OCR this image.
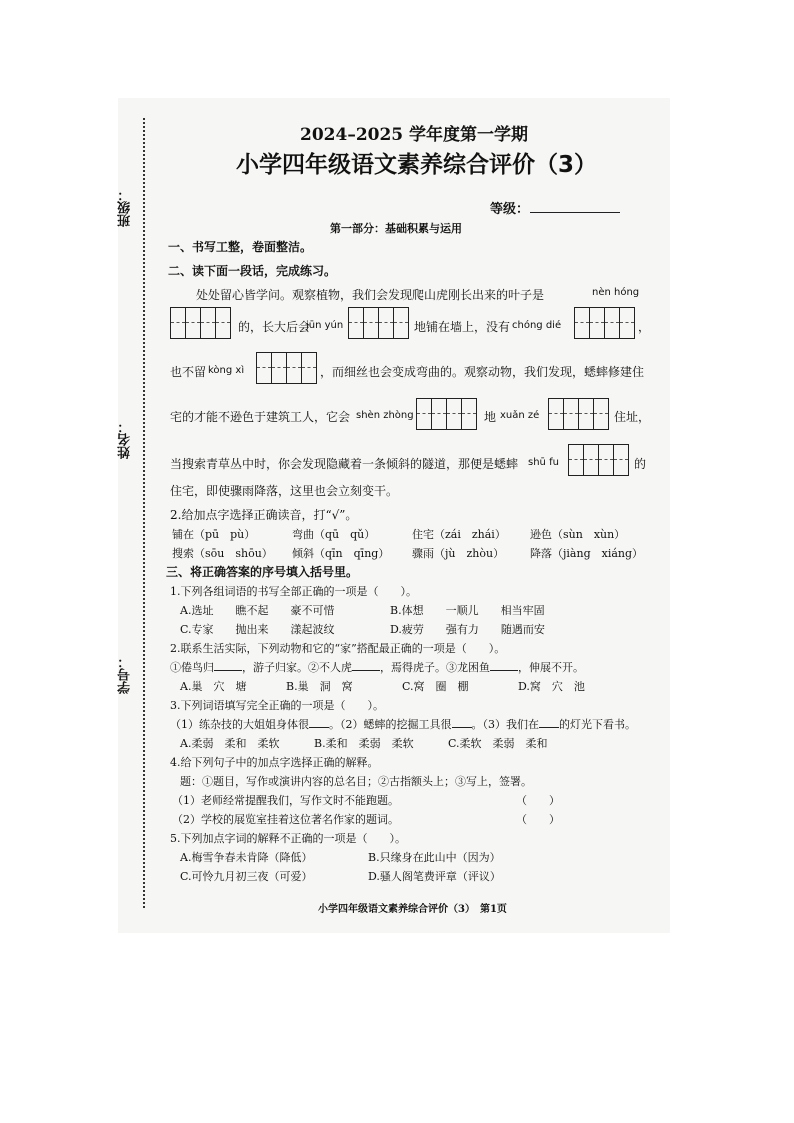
班级：
姓名：
学号：
2024–2025 学年度第一学期
小学四年级语文素养综合评价（3）
等级：
第一部分：基础积累与运用
一、书写工整，卷面整洁。
二、读下面一段话，完成练习。
处处留心皆学问。观察植物，我们会发现爬山虎刚长出来的叶子是	nèn hóng
的，长大后会
jūn yún	地铺在墙上，没有 chóng dié	，
也不留 kòng xì	，而细丝也会变成弯曲的。观察动物，我们发现，蟋蟀修建住
宅的才能不逊色于建筑工人，它会 shèn zhòng	地 xuǎn zé	住址，
当搜索青草丛中时，你会发现隐藏着一条倾斜的隧道，那便是蟋蟀 shū fu	的
住宅，即使骤雨降落，这里也会立刻变干。
2.给加点字选择正确读音，打“√”。
铺在（pū　pù）	弯曲（qū　qǔ）	住宅（zái　zhái） 逊色（sùn　xùn）
搜索（sōu　shōu） 倾斜（qīn　qīng） 骤雨（jù　zhòu） 降落（jiàng　xiáng）
三、将正确答案的序号填入括号里。
1.下列各组词语的书写全部正确的一项是（　　）。
A.选址　　瞧不起　　豪不可惜	B.体想　　一顺儿　　相当牢固
C.专家　　抛出来　　漾起波纹	D.疲劳　　强有力　　随遇而安
2.联系生活实际，下列动物和它的“家”搭配最正确的一项是（　　）。
①倦鸟归	，游子归家。②不人虎	，焉得虎子。③龙困鱼	，伸展不开。
A.巢　穴　塘	B.巢　洞　窝	C.窝　圈　棚	D.窝　穴　池
3.下列词语填写完全正确的一项是（　　）。
（1）练杂技的大姐姐身体很 。（2）蟋蟀的挖掘工具很 。（3）我们在 的灯光下看书。
A.柔弱　柔和　柔软	B.柔和　柔弱　柔软	C.柔软　柔弱　柔和
4.给下列句子中的加点字选择正确的解释。
题：①题目，写作或演讲内容的总名目；②古指额头上；③写上，签署。
（1）老师经常提醒我们，写作文时不能跑题。	（　　）
（2）学校的展览室挂着这位著名作家的题词。	（　　）
5.下列加点字词的解释不正确的一项是（　　）。
A.梅雪争春未肯降（降低）	B.只缘身在此山中（因为）
C.可怜九月初三夜（可爱）	D.骚人阁笔费评章（评议）
小学四年级语文素养综合评价（3）　第1页
